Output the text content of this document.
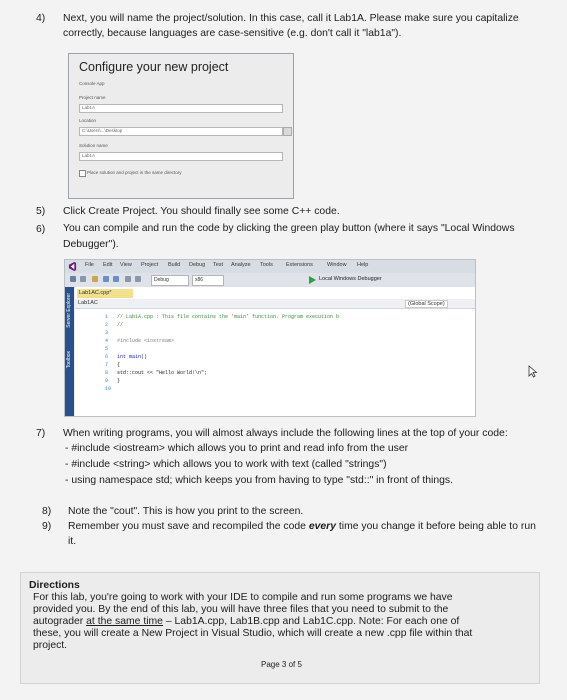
4) Next, you will name the project/solution. In this case, call it Lab1A. Please make sure you capitalize
correctly, because languages are case-sensitive (e.g. don't call it "lab1a").
Configure your new project
Console App
Project name
Lab1A
Location
C:\Users\...\Desktop
Solution name
Lab1A
Place solution and project in the same directory
5) Click Create Project. You should finally see some C++ code.
6) You can compile and run the code by clicking the green play button (where it says "Local Windows
Debugger").
File Edit View Project Build Debug Test Analyze Tools Extensions	Window Help
Debug	x86	Local Windows Debugger
Server Explorer
Toolbox
Lab1AC.cpp*
Lab1AC	(Global Scope)
1
2
3
4
5
6
7
8
9
10
// Lab1A.cpp : This file contains the 'main' function. Program execution b
//
#include <iostream>
int main()
{
std::cout << "Hello World!\n";
}
7) When writing programs, you will almost always include the following lines at the top of your code:
- #include <iostream> which allows you to print and read info from the user
- #include <string> which allows you to work with text (called "strings")
- using namespace std; which keeps you from having to type "std::" in front of things.
8) Note the "cout". This is how you print to the screen.
9) Remember you must save and recompiled the code every time you change it before being able to run
it.
Directions
For this lab, you're going to work with your IDE to compile and run some programs we have
provided you. By the end of this lab, you will have three files that you need to submit to the
autograder at the same time – Lab1A.cpp, Lab1B.cpp and Lab1C.cpp. Note: For each one of
these, you will create a New Project in Visual Studio, which will create a new .cpp file within that
project.
Page 3 of 5
